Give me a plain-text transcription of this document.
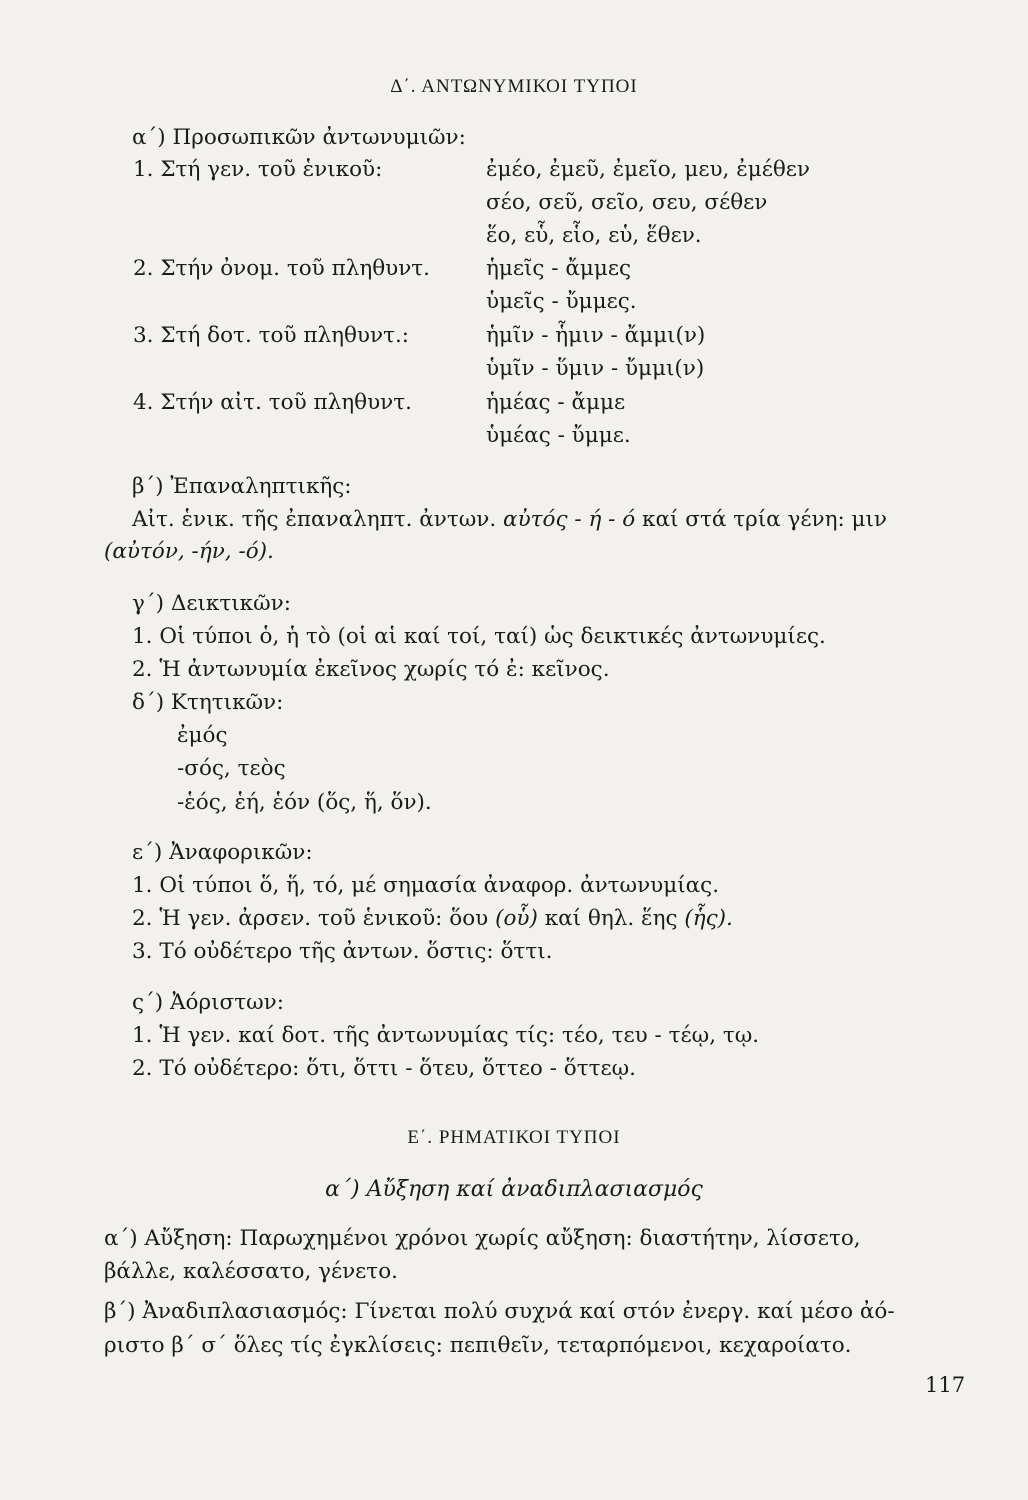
Δ΄. ΑΝΤΩΝΥΜΙΚΟΙ ΤΥΠΟΙ
α΄) Προσωπικῶν ἀντωνυμιῶν:
1. Στή γεν. τοῦ ἑνικοῦ:	ἐμέο, ἐμεῦ, ἐμεῖο, μευ, ἐμέθεν
σέο, σεῦ, σεῖο, σευ, σέθεν
ἕο, εὗ, εἷο, εὑ, ἕθεν.
2. Στήν ὀνομ. τοῦ πληθυντ.	ἡμεῖς - ἄμμες
ὑμεῖς - ὔμμες.
3. Στή δοτ. τοῦ πληθυντ.:	ἡμῖν - ἧμιν - ἄμμι(ν)
ὑμῖν - ὕμιν - ὔμμι(ν)
4. Στήν αἰτ. τοῦ πληθυντ.	ἡμέας - ἄμμε
ὑμέας - ὔμμε.
β΄) Ἐπαναληπτικῆς:
Αἰτ. ἑνικ. τῆς ἐπαναληπτ. ἀντων. αὐτός - ή - ό καί στά τρία γένη: μιν
(αὐτόν, -ήν, -ό).
γ΄) Δεικτικῶν:
1. Οἱ τύποι ὁ, ἡ τὸ (οἱ αἱ καί τοί, ταί) ὡς δεικτικές ἀντωνυμίες.
2. Ἡ ἀντωνυμία ἐκεῖνος χωρίς τό ἐ: κεῖνος.
δ΄) Κτητικῶν:
ἐμός
-σός, τεὸς
-ἑός, ἑή, ἑόν (ὅς, ἥ, ὅν).
ε΄) Ἀναφορικῶν:
1. Οἱ τύποι ὅ, ἥ, τό, μέ σημασία ἀναφορ. ἀντωνυμίας.
2. Ἡ γεν. ἀρσεν. τοῦ ἑνικοῦ: ὅου (οὗ) καί θηλ. ἕης (ἧς).
3. Τό οὐδέτερο τῆς ἀντων. ὅστις: ὅττι.
ς΄) Ἀόριστων:
1. Ἡ γεν. καί δοτ. τῆς ἀντωνυμίας τίς: τέο, τευ - τέῳ, τῳ.
2. Τό οὐδέτερο: ὅτι, ὅττι - ὅτευ, ὅττεο - ὅττεῳ.
Ε΄. ΡΗΜΑΤΙΚΟΙ ΤΥΠΟΙ
α΄) Αὔξηση καί ἀναδιπλασιασμός
α΄) Αὔξηση: Παρωχημένοι χρόνοι χωρίς αὔξηση: διαστήτην, λίσσετο,
βάλλε, καλέσσατο, γένετο.
β΄) Ἀναδιπλασιασμός: Γίνεται πολύ συχνά καί στόν ἐνεργ. καί μέσο ἀό-
ριστο β΄ σ΄ ὅλες τίς ἐγκλίσεις: πεπιθεῖν, τεταρπόμενοι, κεχαροίατο.
117
